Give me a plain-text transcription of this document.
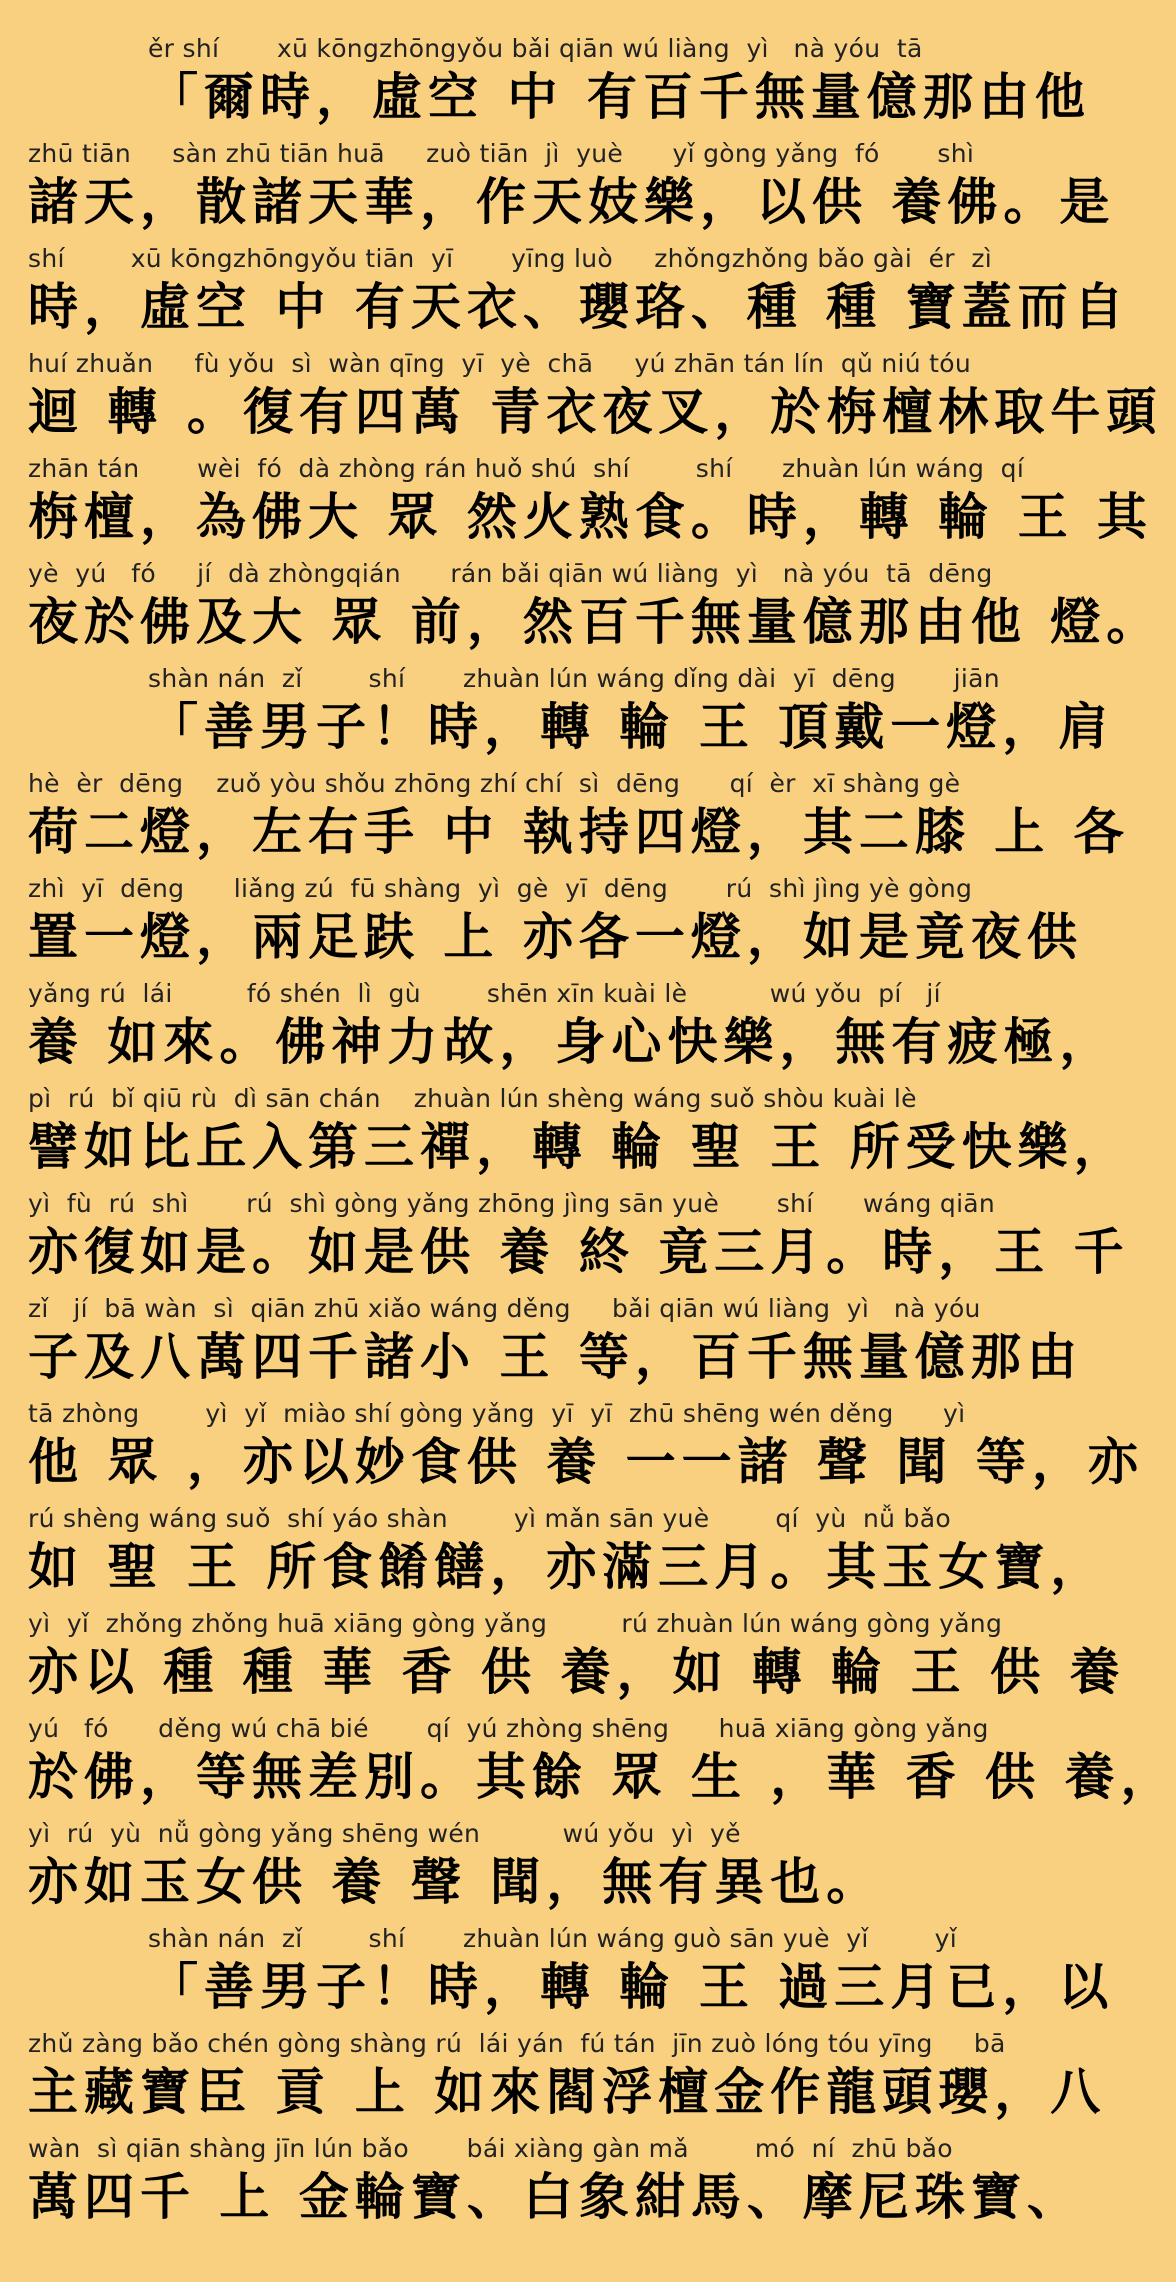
ěr shí       xū kōngzhōngyǒu bǎi qiān wú liàng  yì   nà yóu  tā
「爾時，虛空 中 有百千無量億那由他
zhū tiān     sàn zhū tiān huā     zuò tiān  jì  yuè      yǐ gòng yǎng  fó       shì
諸天，散諸天華，作天妓樂，以供 養佛。是
shí        xū kōngzhōngyǒu tiān  yī       yīng luò     zhǒngzhǒng bǎo gài  ér  zì
時，虛空 中 有天衣、瓔珞、種 種 寶蓋而自
huí zhuǎn     fù yǒu  sì  wàn qīng  yī  yè  chā     yú zhān tán lín  qǔ niú tóu
迴 轉 。復有四萬 青衣夜叉，於栴檀林取牛頭
zhān tán       wèi  fó  dà zhòng rán huǒ shú  shí        shí      zhuàn lún wáng  qí
栴檀，為佛大 眾 然火熟食。時，轉 輪 王 其
yè  yú   fó     jí  dà zhòngqián      rán bǎi qiān wú liàng  yì   nà yóu  tā  dēng
夜於佛及大 眾 前，然百千無量億那由他 燈。
shàn nán  zǐ        shí       zhuàn lún wáng dǐng dài  yī  dēng       jiān
「善男子！時，轉 輪 王 頂戴一燈，肩
hè  èr  dēng    zuǒ yòu shǒu zhōng zhí chí  sì  dēng      qí  èr  xī shàng gè
荷二燈，左右手 中 執持四燈，其二膝 上 各
zhì  yī  dēng      liǎng zú  fū shàng  yì  gè  yī  dēng       rú  shì jìng yè gòng
置一燈，兩足趺 上 亦各一燈，如是竟夜供
yǎng rú  lái         fó shén  lì  gù        shēn xīn kuài lè          wú yǒu  pí   jí
養 如來。佛神力故，身心快樂，無有疲極，
pì  rú  bǐ qiū rù  dì sān chán    zhuàn lún shèng wáng suǒ shòu kuài lè
譬如比丘入第三禪，轉 輪 聖 王 所受快樂，
yì  fù  rú  shì       rú  shì gòng yǎng zhōng jìng sān yuè       shí      wáng qiān
亦復如是。如是供 養 終 竟三月。時，王 千
zǐ   jí  bā wàn  sì  qiān zhū xiǎo wáng děng     bǎi qiān wú liàng  yì   nà yóu
子及八萬四千諸小 王 等，百千無量億那由
tā zhòng        yì  yǐ  miào shí gòng yǎng  yī  yī  zhū shēng wén děng      yì
他 眾 ，亦以妙食供 養 一一諸 聲 聞 等，亦
rú shèng wáng suǒ  shí yáo shàn        yì mǎn sān yuè        qí  yù  nǚ bǎo
如 聖 王 所食餚饍，亦滿三月。其玉女寶，
yì  yǐ  zhǒng zhǒng huā xiāng gòng yǎng         rú zhuàn lún wáng gòng yǎng
亦以 種 種 華 香 供 養，如 轉 輪 王 供 養
yú   fó      děng wú chā bié       qí  yú zhòng shēng      huā xiāng gòng yǎng
於佛，等無差別。其餘 眾 生 ，華 香 供 養，
yì  rú  yù  nǚ gòng yǎng shēng wén          wú yǒu  yì  yě
亦如玉女供 養 聲 聞，無有異也。
shàn nán  zǐ        shí       zhuàn lún wáng guò sān yuè  yǐ        yǐ
「善男子！時，轉 輪 王 過三月已，以
zhǔ zàng bǎo chén gòng shàng rú  lái yán  fú tán  jīn zuò lóng tóu yīng     bā
主藏寶臣 貢 上 如來閻浮檀金作龍頭瓔，八
wàn  sì qiān shàng jīn lún bǎo       bái xiàng gàn mǎ        mó  ní  zhū bǎo
萬四千 上 金輪寶、白象紺馬、摩尼珠寶、
